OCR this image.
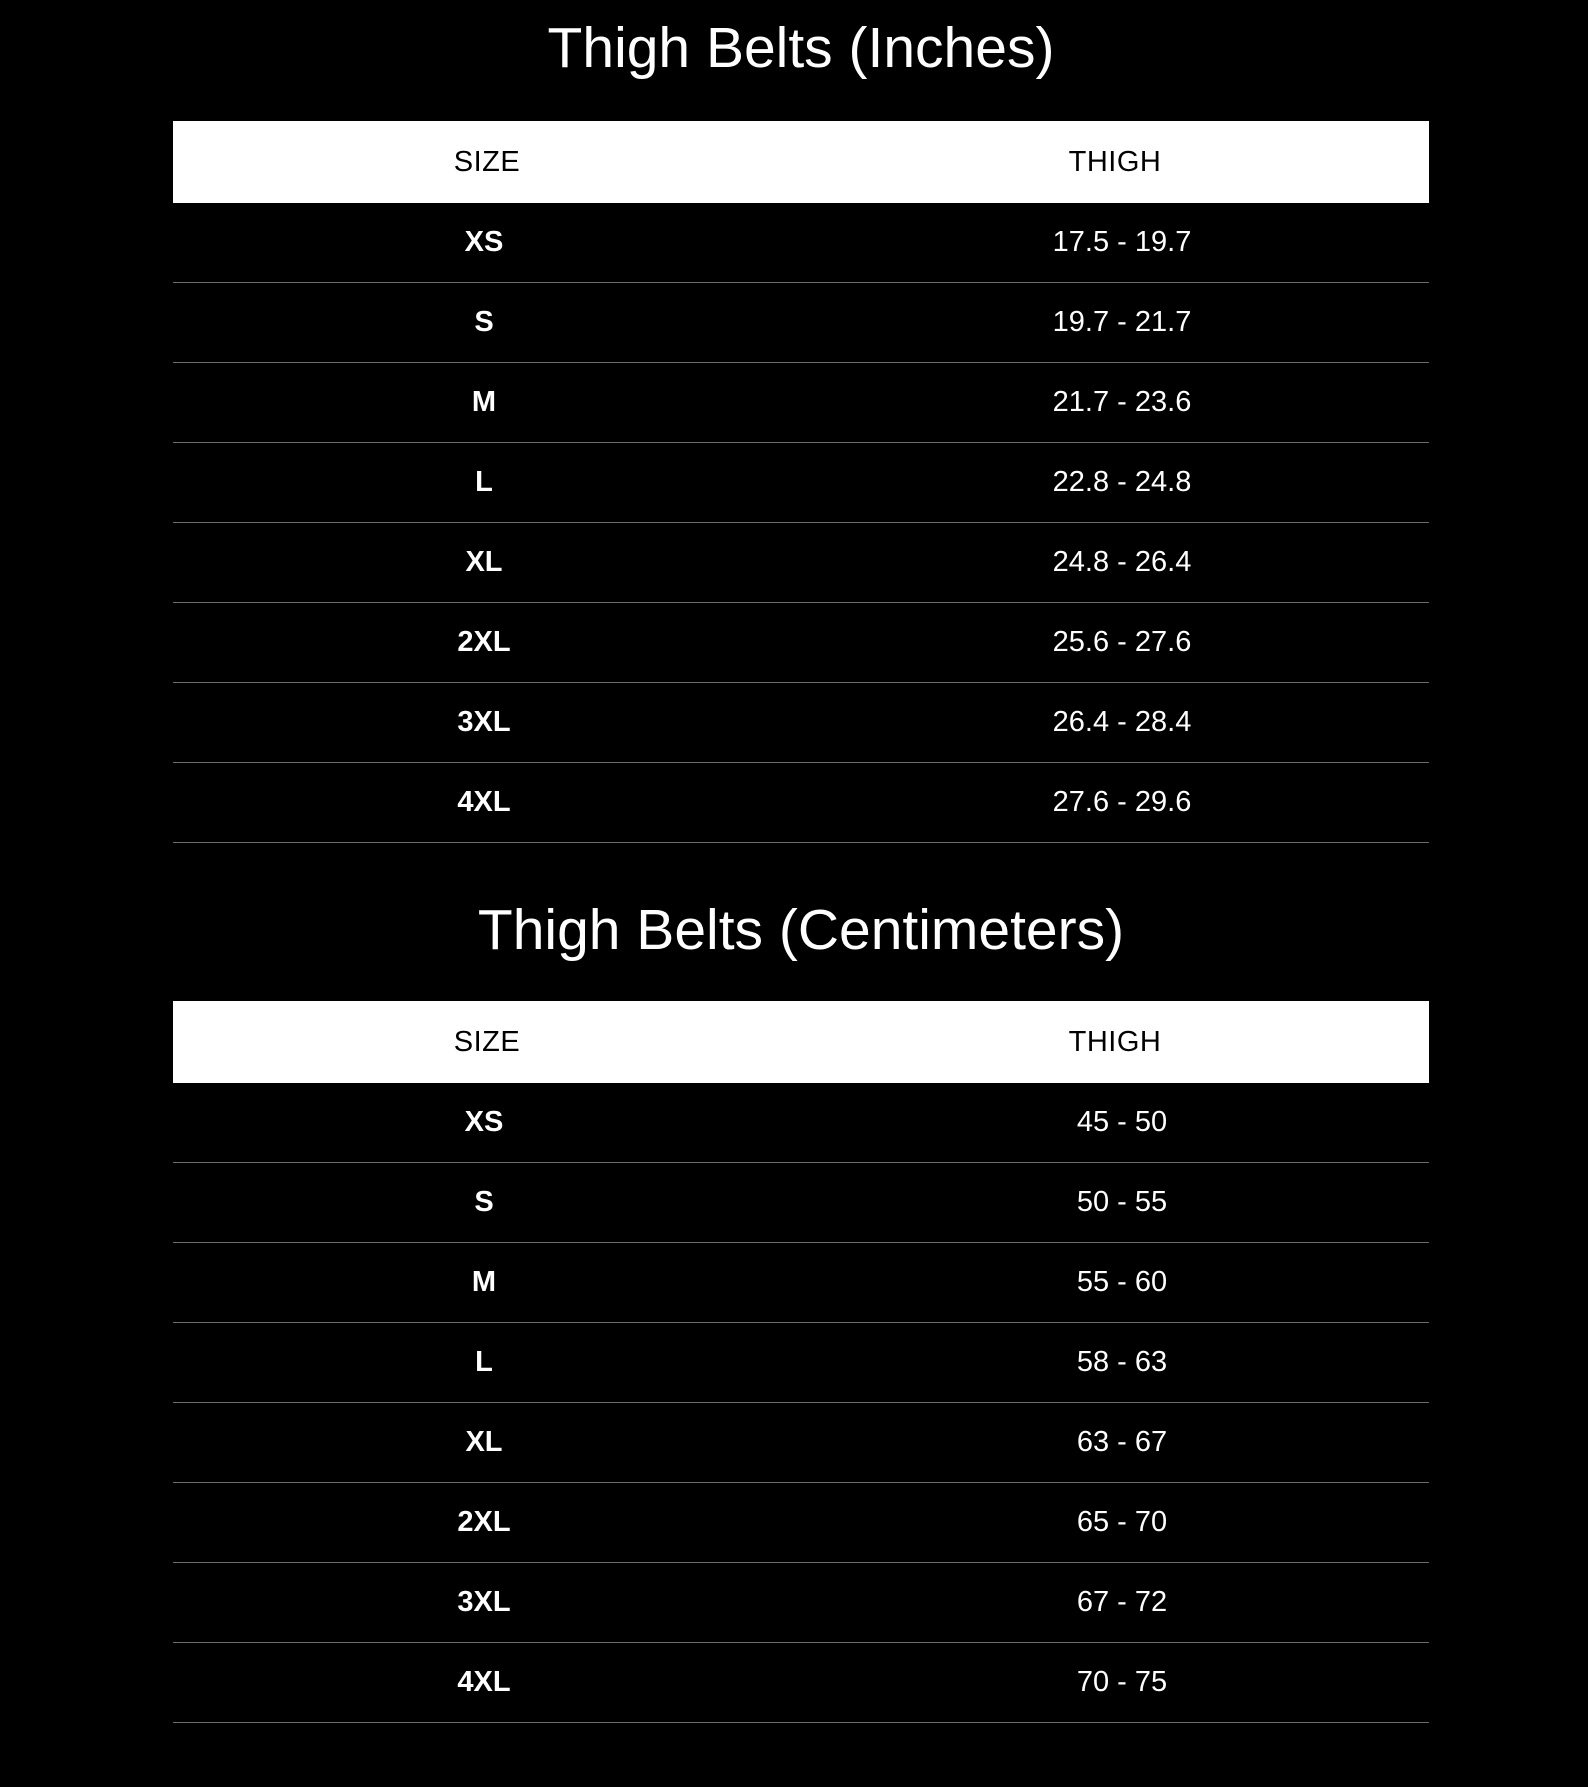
Thigh Belts (Inches)
SIZE	THIGH
XS	17.5 - 19.7
S	19.7 - 21.7
M	21.7 - 23.6
L	22.8 - 24.8
XL	24.8 - 26.4
2XL	25.6 - 27.6
3XL	26.4 - 28.4
4XL	27.6 - 29.6
Thigh Belts (Centimeters)
SIZE	THIGH
XS	45 - 50
S	50 - 55
M	55 - 60
L	58 - 63
XL	63 - 67
2XL	65 - 70
3XL	67 - 72
4XL	70 - 75
